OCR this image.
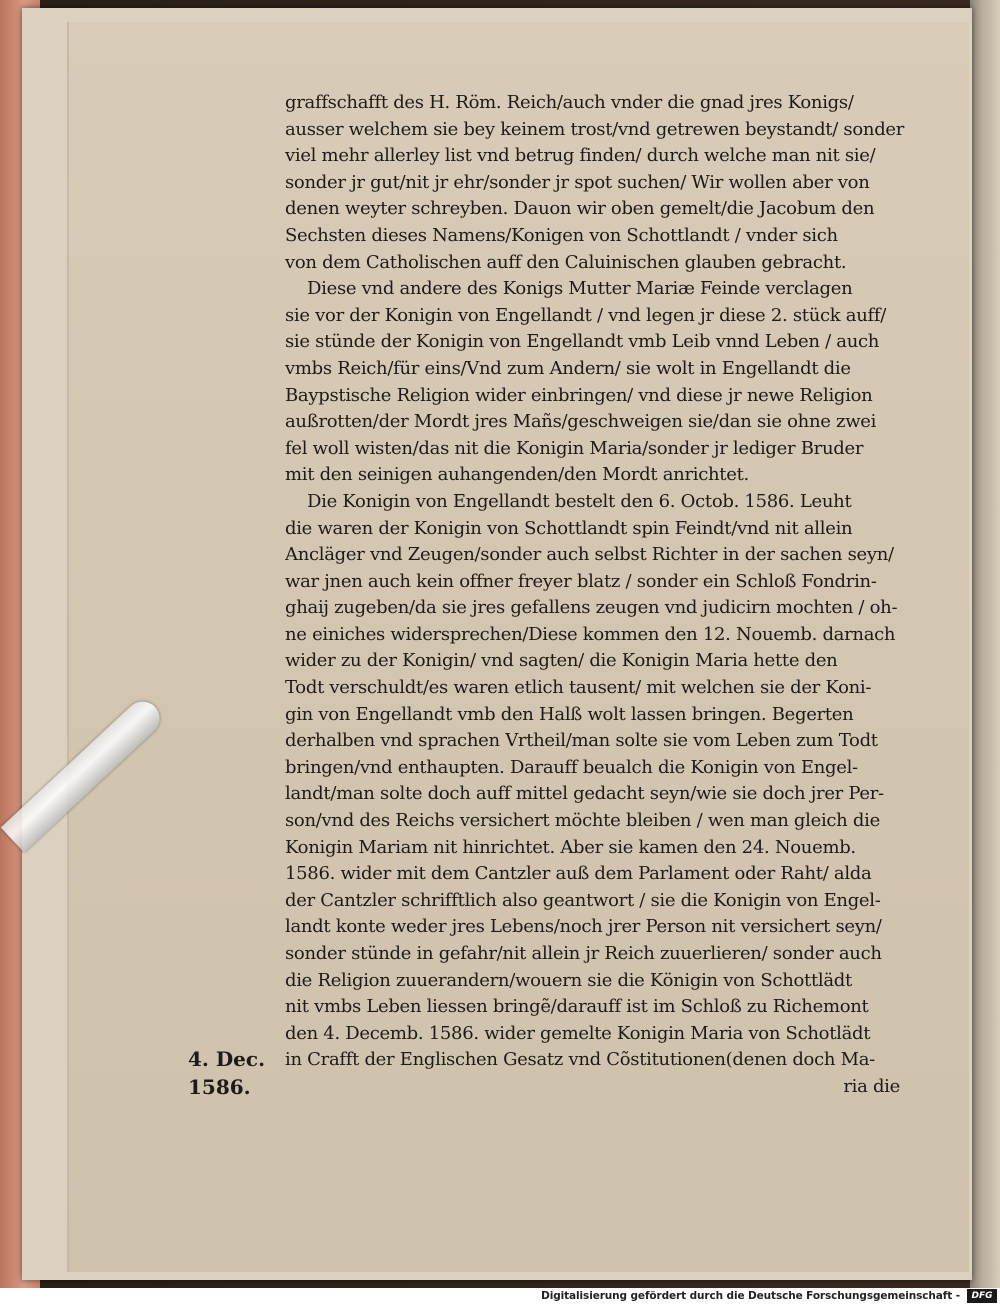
graffschafft des H. Röm. Reich/auch vnder die gnad jres Konigs/
ausser welchem sie bey keinem trost/vnd getrewen beystandt/ sonder
viel mehr allerley list vnd betrug finden/ durch welche man nit sie/
sonder jr gut/nit jr ehr/sonder jr spot suchen/ Wir wollen aber von
denen weyter schreyben. Dauon wir oben gemelt/die Jacobum den
Sechsten dieses Namens/Konigen von Schottlandt / vnder sich
von dem Catholischen auff den Caluinischen glauben gebracht.
Diese vnd andere des Konigs Mutter Mariæ Feinde verclagen
sie vor der Konigin von Engellandt / vnd legen jr diese 2. stück auff/
sie stünde der Konigin von Engellandt vmb Leib vnnd Leben / auch
vmbs Reich/für eins/Vnd zum Andern/ sie wolt in Engellandt die
Baypstische Religion wider einbringen/ vnd diese jr newe Religion
außrotten/der Mordt jres Mañs/geschweigen sie/dan sie ohne zwei
fel woll wisten/das nit die Konigin Maria/sonder jr lediger Bruder
mit den seinigen auhangenden/den Mordt anrichtet.
Die Konigin von Engellandt bestelt den 6. Octob. 1586. Leuht
die waren der Konigin von Schottlandt spin Feindt/vnd nit allein
Ancläger vnd Zeugen/sonder auch selbst Richter in der sachen seyn/
war jnen auch kein offner freyer blatz / sonder ein Schloß Fondrin-
ghaij zugeben/da sie jres gefallens zeugen vnd judicirn mochten / oh-
ne einiches widersprechen/Diese kommen den 12. Nouemb. darnach
wider zu der Konigin/ vnd sagten/ die Konigin Maria hette den
Todt verschuldt/es waren etlich tausent/ mit welchen sie der Koni-
gin von Engellandt vmb den Halß wolt lassen bringen. Begerten
derhalben vnd sprachen Vrtheil/man solte sie vom Leben zum Todt
bringen/vnd enthaupten. Darauff beualch die Konigin von Engel-
landt/man solte doch auff mittel gedacht seyn/wie sie doch jrer Per-
son/vnd des Reichs versichert möchte bleiben / wen man gleich die
Konigin Mariam nit hinrichtet. Aber sie kamen den 24. Nouemb.
1586. wider mit dem Cantzler auß dem Parlament oder Raht/ alda
der Cantzler schrifftlich also geantwort / sie die Konigin von Engel-
landt konte weder jres Lebens/noch jrer Person nit versichert seyn/
sonder stünde in gefahr/nit allein jr Reich zuuerlieren/ sonder auch
die Religion zuuerandern/wouern sie die Königin von Schottlädt
nit vmbs Leben liessen bringẽ/darauff ist im Schloß zu Richemont
den 4. Decemb. 1586. wider gemelte Konigin Maria von Schotlädt
in Crafft der Englischen Gesatz vnd Cõstitutionen(denen doch Ma-
ria die
4. Dec.
1586.
Digitalisierung gefördert durch die Deutsche Forschungsgemeinschaft -	DFG
